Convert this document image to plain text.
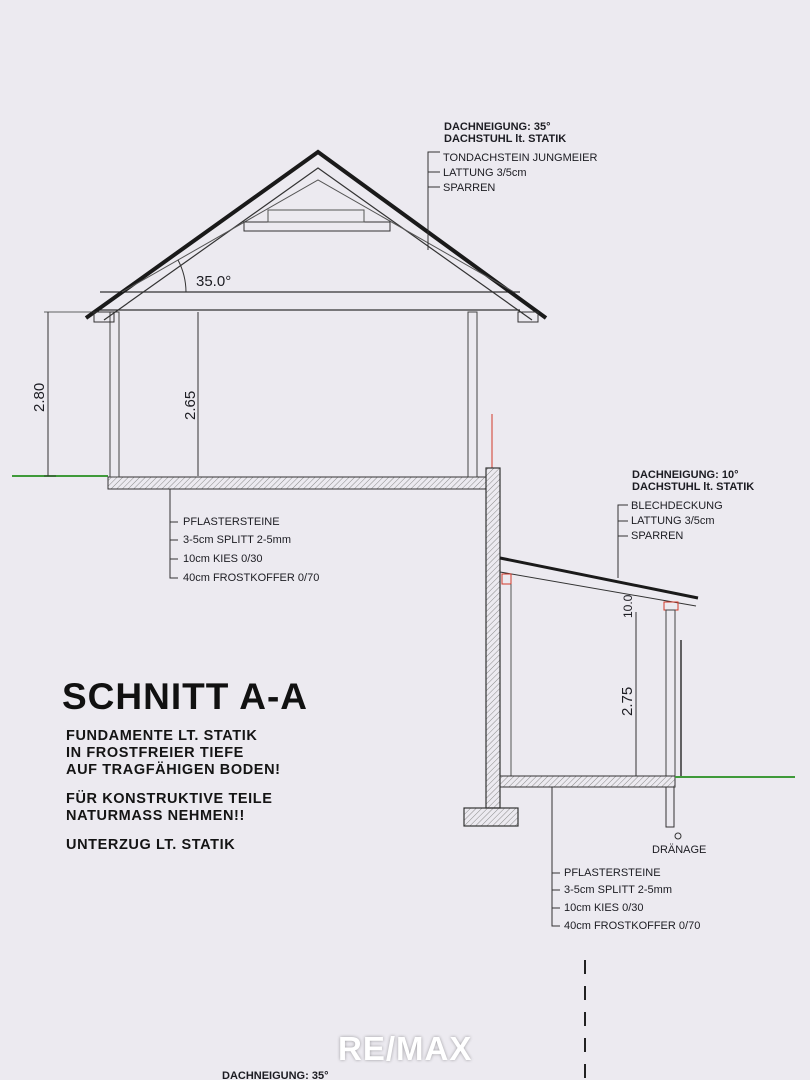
35.0°
2.80	2.65
DACHNEIGUNG: 35°
DACHSTUHL lt. STATIK
TONDACHSTEIN JUNGMEIER
LATTUNG 3/5cm
SPARREN
PFLASTERSTEINE
3-5cm SPLITT 2-5mm
10cm KIES 0/30
40cm FROSTKOFFER 0/70
2.75
10.0
DACHNEIGUNG: 10°
DACHSTUHL lt. STATIK
BLECHDECKUNG
LATTUNG 3/5cm
SPARREN
DRÄNAGE
PFLASTERSTEINE
3-5cm SPLITT 2-5mm
10cm KIES 0/30
40cm FROSTKOFFER 0/70
DACHNEIGUNG: 35°
SCHNITT A-A
FUNDAMENTE LT. STATIK
IN FROSTFREIER TIEFE
AUF TRAGFÄHIGEN BODEN!
FÜR KONSTRUKTIVE TEILE
NATURMASS NEHMEN!!
UNTERZUG LT. STATIK
RE/MAX
